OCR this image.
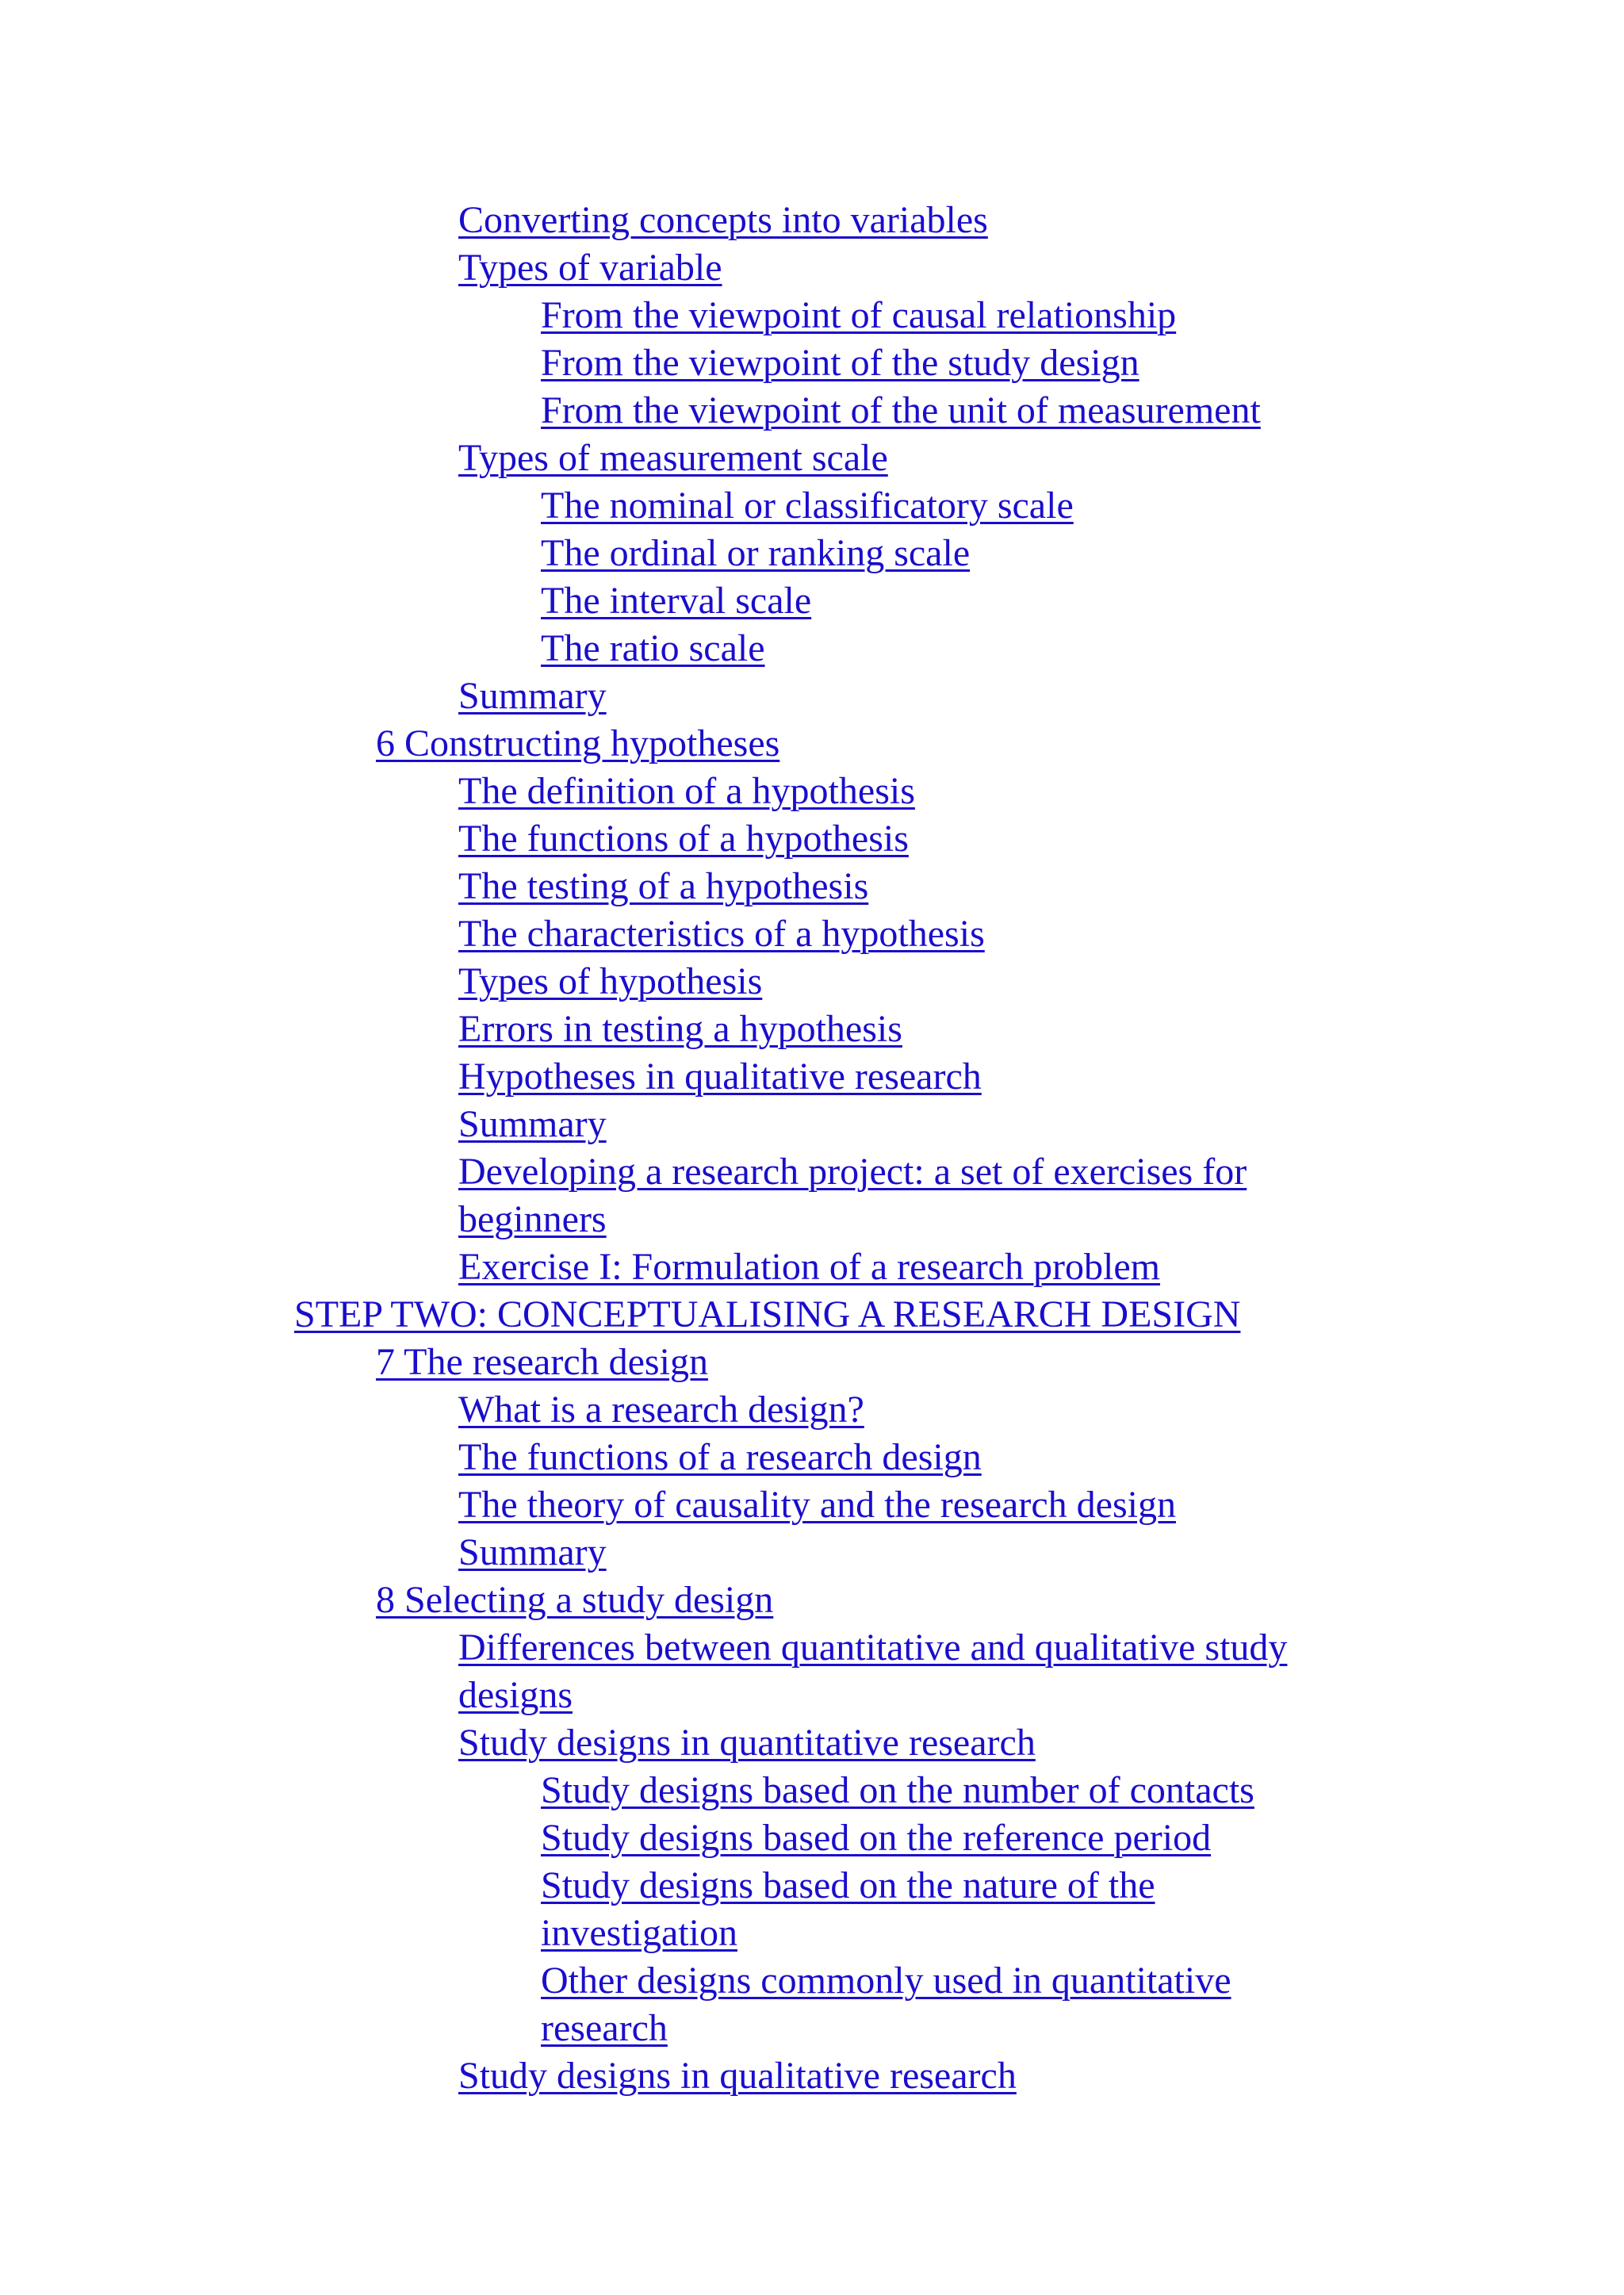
Converting concepts into variables
Types of variable
From the viewpoint of causal relationship
From the viewpoint of the study design
From the viewpoint of the unit of measurement
Types of measurement scale
The nominal or classificatory scale
The ordinal or ranking scale
The interval scale
The ratio scale
Summary
6 Constructing hypotheses
The definition of a hypothesis
The functions of a hypothesis
The testing of a hypothesis
The characteristics of a hypothesis
Types of hypothesis
Errors in testing a hypothesis
Hypotheses in qualitative research
Summary
Developing a research project: a set of exercises for beginners
Exercise I: Formulation of a research problem
STEP TWO: CONCEPTUALISING A RESEARCH DESIGN
7 The research design
What is a research design?
The functions of a research design
The theory of causality and the research design
Summary
8 Selecting a study design
Differences between quantitative and qualitative study designs
Study designs in quantitative research
Study designs based on the number of contacts
Study designs based on the reference period
Study designs based on the nature of the investigation
Other designs commonly used in quantitative research
Study designs in qualitative research
